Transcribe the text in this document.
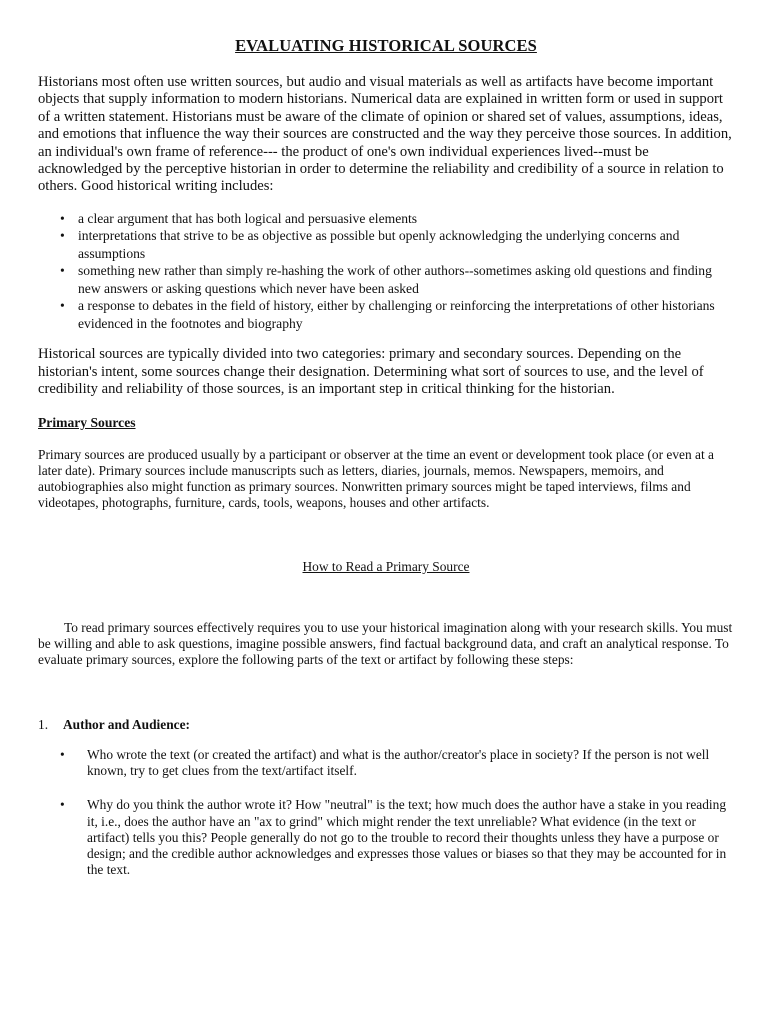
EVALUATING HISTORICAL SOURCES

Historians most often use written sources, but audio and visual materials as well as artifacts have become important objects that supply information to modern historians. Numerical data are explained in written form or used in support of a written statement. Historians must be aware of the climate of opinion or shared set of values, assumptions, ideas, and emotions that influence the way their sources are constructed and the way they perceive those sources. In addition, an individual's own frame of reference--- the product of one's own individual experiences lived--must be acknowledged by the perceptive historian in order to determine the reliability and credibility of a source in relation to others. Good historical writing includes:

• a clear argument that has both logical and persuasive elements
• interpretations that strive to be as objective as possible but openly acknowledging the underlying concerns and assumptions
• something new rather than simply re-hashing the work of other authors--sometimes asking old questions and finding new answers or asking questions which never have been asked
• a response to debates in the field of history, either by challenging or reinforcing the interpretations of other historians evidenced in the footnotes and biography

Historical sources are typically divided into two categories: primary and secondary sources. Depending on the historian's intent, some sources change their designation. Determining what sort of sources to use, and the level of credibility and reliability of those sources, is an important step in critical thinking for the historian.

Primary Sources

Primary sources are produced usually by a participant or observer at the time an event or development took place (or even at a later date). Primary sources include manuscripts such as letters, diaries, journals, memos. Newspapers, memoirs, and autobiographies also might function as primary sources. Nonwritten primary sources might be taped interviews, films and videotapes, photographs, furniture, cards, tools, weapons, houses and other artifacts.

How to Read a Primary Source

To read primary sources effectively requires you to use your historical imagination along with your research skills. You must be willing and able to ask questions, imagine possible answers, find factual background data, and craft an analytical response. To evaluate primary sources, explore the following parts of the text or artifact by following these steps:

1.	Author and Audience:
• Who wrote the text (or created the artifact) and what is the author/creator's place in society? If the person is not well known, try to get clues from the text/artifact itself.
• Why do you think the author wrote it? How "neutral" is the text; how much does the author have a stake in you reading it, i.e., does the author have an "ax to grind" which might render the text unreliable? What evidence (in the text or artifact) tells you this? People generally do not go to the trouble to record their thoughts unless they have a purpose or design; and the credible author acknowledges and expresses those values or biases so that they may be accounted for in the text.
